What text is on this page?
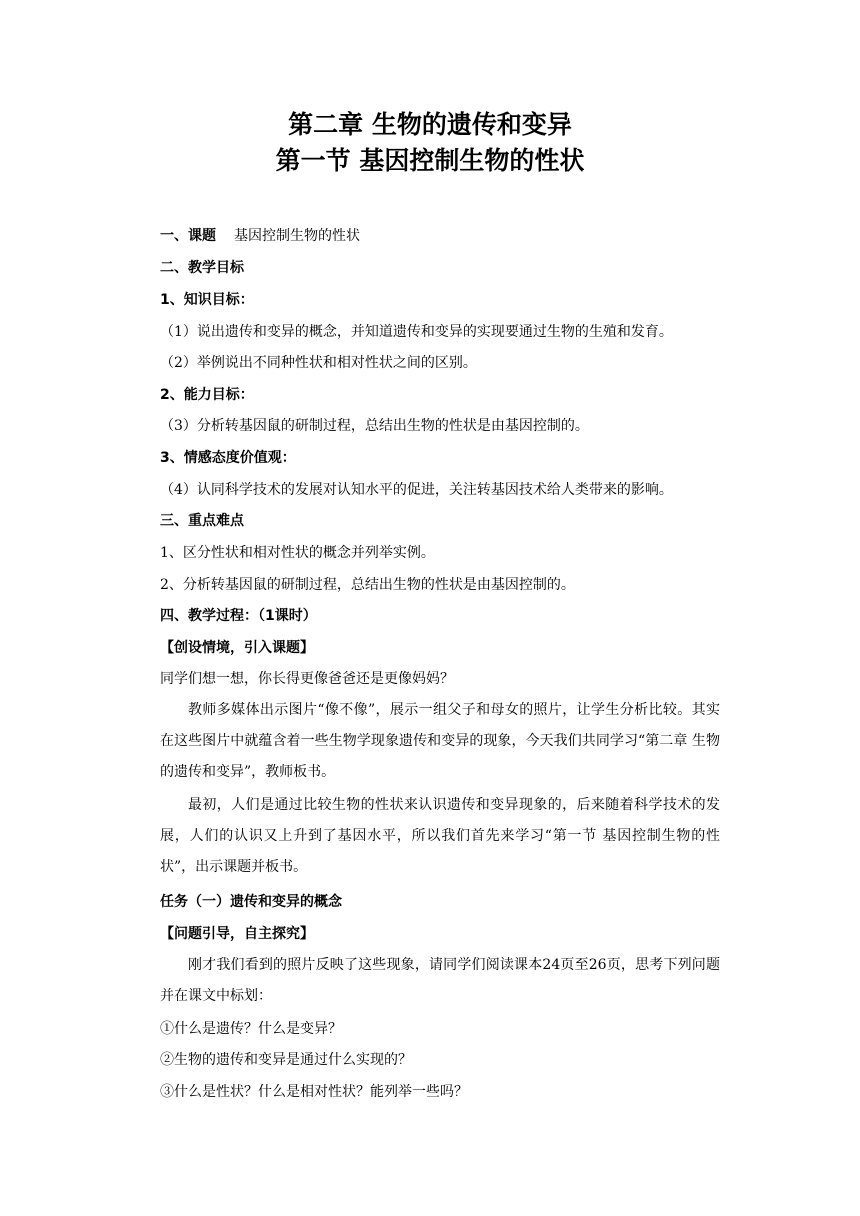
第二章 生物的遗传和变异
第一节 基因控制生物的性状
一、课题 基因控制生物的性状
二、教学目标
1、知识目标：
（1）说出遗传和变异的概念，并知道遗传和变异的实现要通过生物的生殖和发育。
（2）举例说出不同种性状和相对性状之间的区别。
2、能力目标：
（3）分析转基因鼠的研制过程，总结出生物的性状是由基因控制的。
3、情感态度价值观：
（4）认同科学技术的发展对认知水平的促进，关注转基因技术给人类带来的影响。
三、重点难点
1、区分性状和相对性状的概念并列举实例。
2、分析转基因鼠的研制过程，总结出生物的性状是由基因控制的。
四、教学过程：（1课时）
【创设情境，引入课题】
同学们想一想，你长得更像爸爸还是更像妈妈？
教师多媒体出示图片“像不像”，展示一组父子和母女的照片，让学生分析比较。其实在这些图片中就蕴含着一些生物学现象遗传和变异的现象，今天我们共同学习“第二章 生物的遗传和变异”，教师板书。
最初，人们是通过比较生物的性状来认识遗传和变异现象的，后来随着科学技术的发展，人们的认识又上升到了基因水平，所以我们首先来学习“第一节 基因控制生物的性状”，出示课题并板书。
任务（一）遗传和变异的概念
【问题引导，自主探究】
刚才我们看到的照片反映了这些现象，请同学们阅读课本24页至26页，思考下列问题并在课文中标划：
①什么是遗传？什么是变异？
②生物的遗传和变异是通过什么实现的？
③什么是性状？什么是相对性状？能列举一些吗？
